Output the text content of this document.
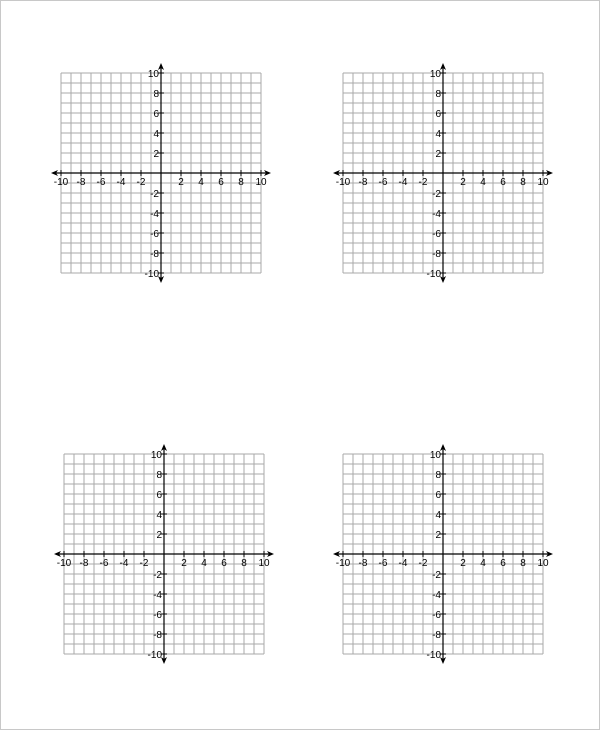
-10 -8 -6 -4 -2	2 4 6 8 10
10
8
6
4
2
-2
-4
-6
-8
-10
-10 -8 -6 -4 -2	2 4 6 8 10
10
8
6
4
2
-2
-4
-6
-8
-10
-10 -8 -6 -4 -2	2 4 6 8 10
10
8
6
4
2
-2
-4
-6
-8
-10
-10 -8 -6 -4 -2	2 4 6 8 10
10
8
6
4
2
-2
-4
-6
-8
-10
